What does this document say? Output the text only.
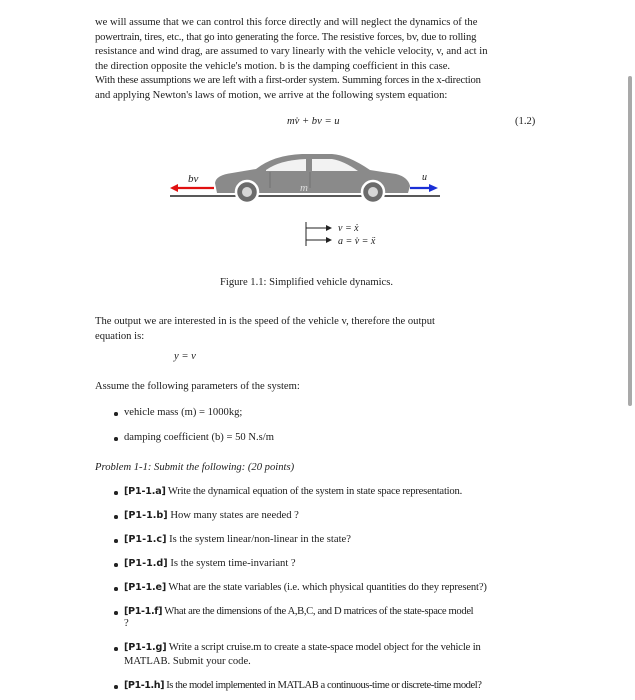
we will assume that we can control this force directly and will neglect the dynamics of the
powertrain, tires, etc., that go into generating the force. The resistive forces, bv, due to rolling
resistance and wind drag, are assumed to vary linearly with the vehicle velocity, v, and act in
the direction opposite the vehicle's motion. b is the damping coefficient in this case.
With these assumptions we are left with a first-order system. Summing forces in the x-direction
and applying Newton's laws of motion, we arrive at the following system equation:
mv̇ + bv = u	(1.2)
m
bv	u
v = ẋ
a = v̇ = ẍ
Figure 1.1: Simplified vehicle dynamics.
The output we are interested in is the speed of the vehicle v, therefore the output
equation is:
y = v
Assume the following parameters of the system:
vehicle mass (m) = 1000kg;
damping coefficient (b) = 50 N.s/m
Problem 1-1: Submit the following: (20 points)
[P1-1.a] Write the dynamical equation of the system in state space representation.
[P1-1.b] How many states are needed ?
[P1-1.c] Is the system linear/non-linear in the state?
[P1-1.d] Is the system time-invariant ?
[P1-1.e] What are the state variables (i.e. which physical quantities do they represent?)
[P1-1.f] What are the dimensions of the A,B,C, and D matrices of the state-space model
?
[P1-1.g] Write a script cruise.m to create a state-space model object for the vehicle in
MATLAB. Submit your code.
[P1-1.h] Is the model implemented in MATLAB a continuous-time or discrete-time model?
